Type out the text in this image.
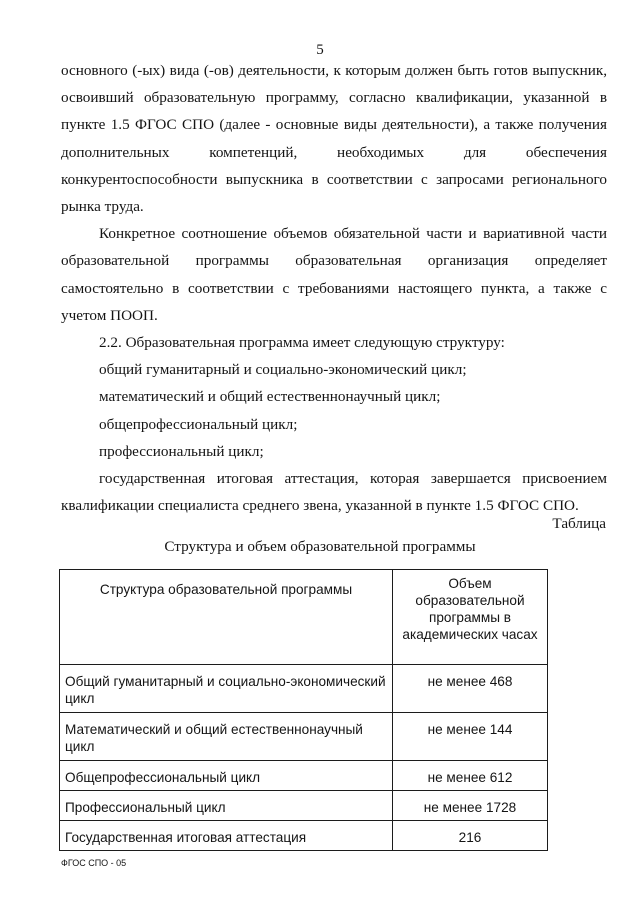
5

основного (-ых) вида (-ов) деятельности, к которым должен быть готов выпускник, освоивший образовательную программу, согласно квалификации, указанной в пункте 1.5 ФГОС СПО (далее - основные виды деятельности), а также получения дополнительных компетенций, необходимых для обеспечения конкурентоспособности выпускника в соответствии с запросами регионального рынка труда.

Конкретное соотношение объемов обязательной части и вариативной части образовательной программы образовательная организация определяет самостоятельно в соответствии с требованиями настоящего пункта, а также с учетом ПООП.

2.2. Образовательная программа имеет следующую структуру:

общий гуманитарный и социально-экономический цикл;

математический и общий естественнонаучный цикл;

общепрофессиональный цикл;

профессиональный цикл;

государственная итоговая аттестация, которая завершается присвоением квалификации специалиста среднего звена, указанной в пункте 1.5 ФГОС СПО.

Таблица
Структура и объем образовательной программы
Структура образовательной программы	Объем образовательной программы в академических часах
Общий гуманитарный и социально-экономический цикл	не менее 468
Математический и общий естественнонаучный цикл	не менее 144
Общепрофессиональный цикл	не менее 612
Профессиональный цикл	не менее 1728
Государственная итоговая аттестация	216
ФГОС СПО - 05
